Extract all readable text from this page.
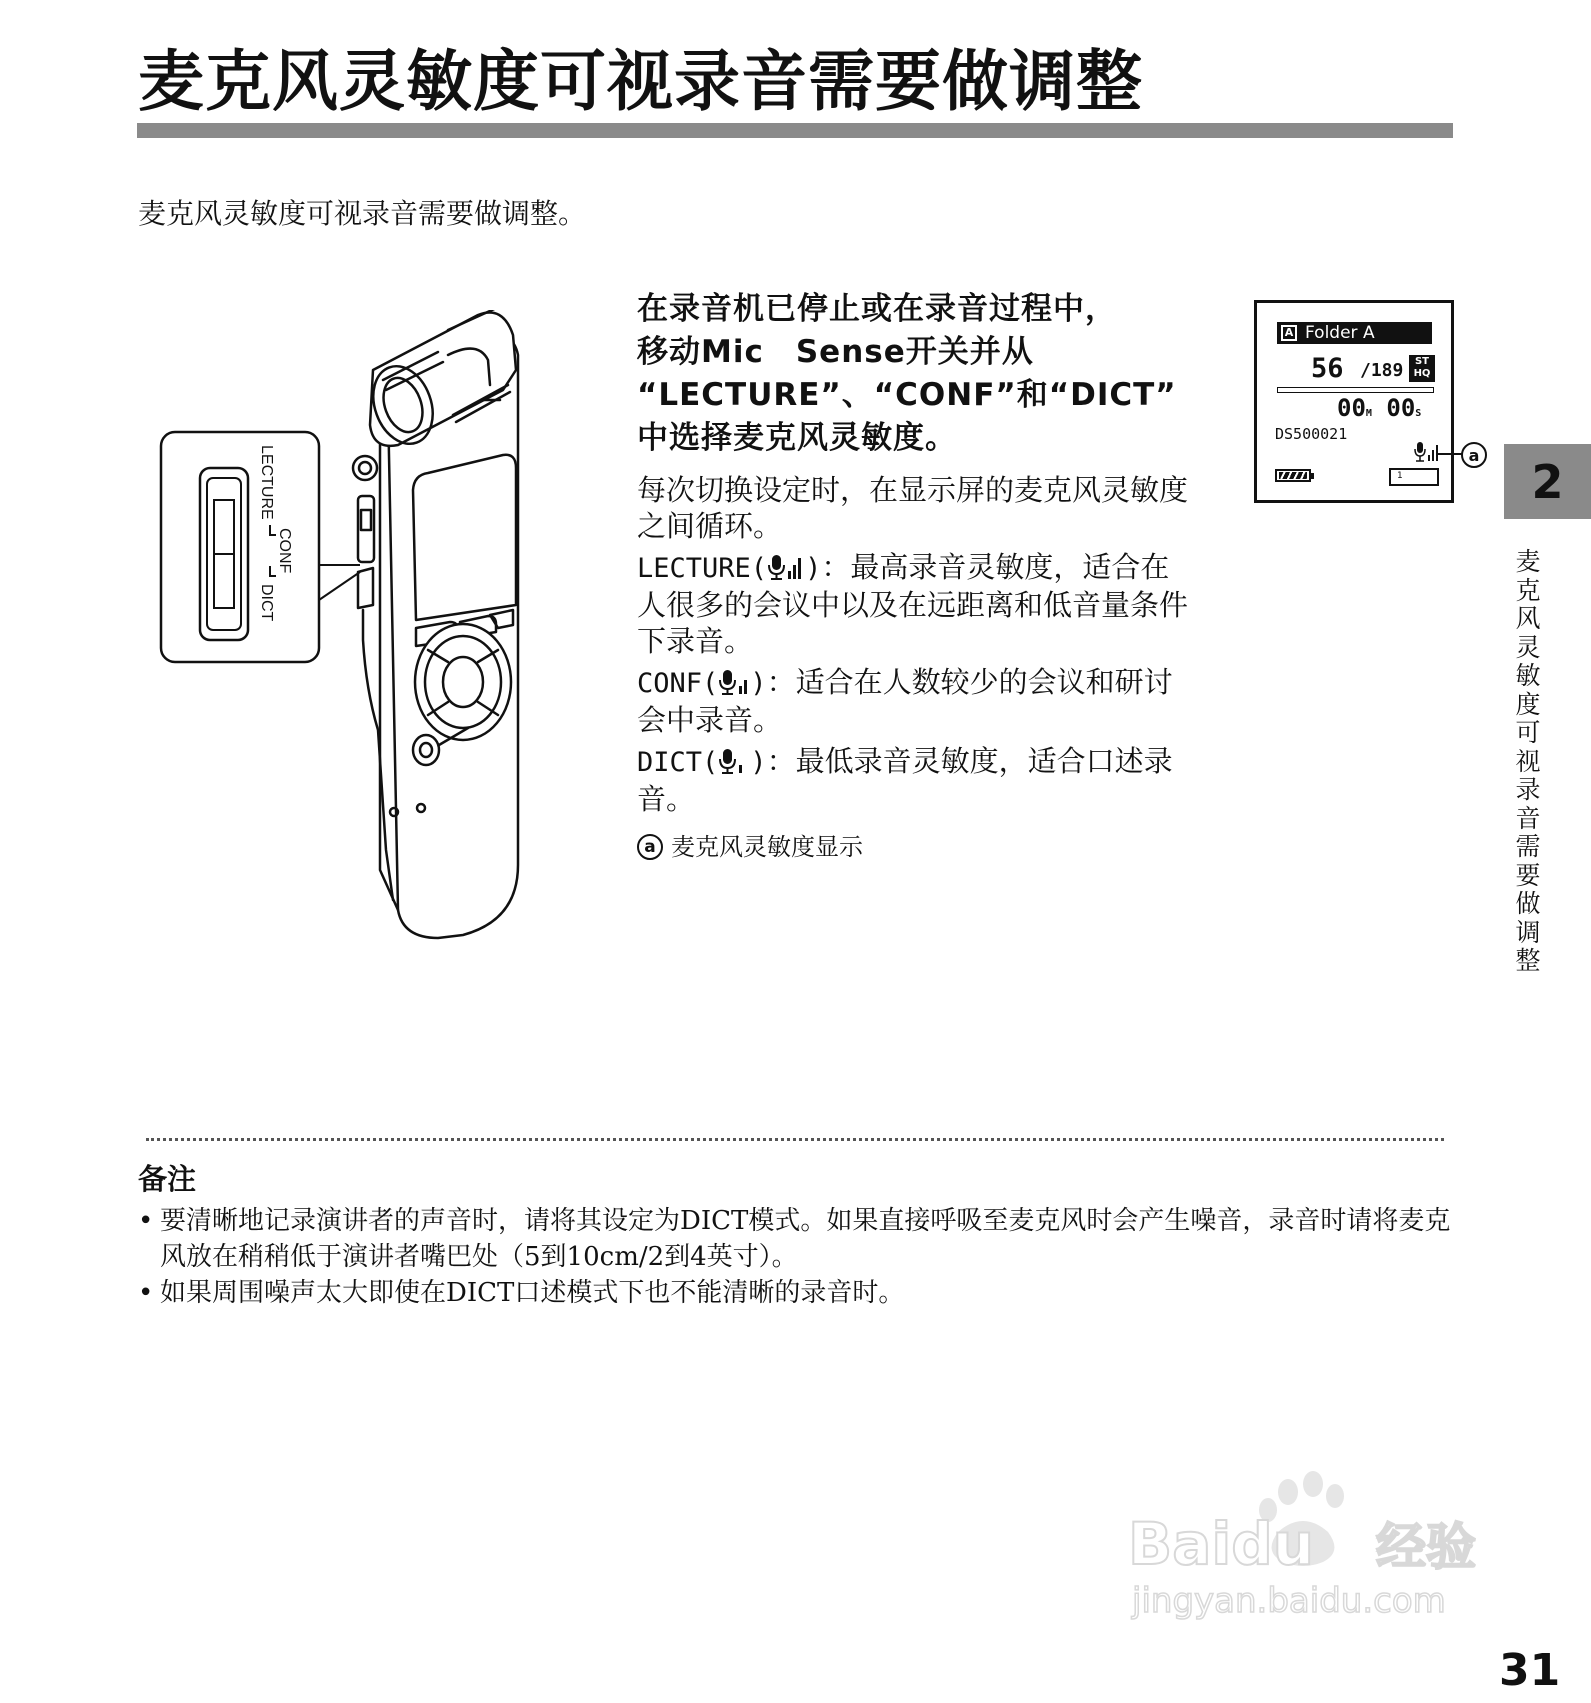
麦克风灵敏度可视录音需要做调整
麦克风灵敏度可视录音需要做调整。
LECTURE
CONF
DICT
在录音机已停止或在录音过程中，
移动Mic　Sense开关并从
“LECTURE”、“CONF”和“DICT”
中选择麦克风灵敏度。
每次切换设定时，在显示屏的麦克风灵敏度之间循环。
LECTURE( )：最高录音灵敏度，适合在人很多的会议中以及在远距离和低音量条件下录音。
CONF( )：适合在人数较少的会议和研讨会中录音。
DICT( )：最低录音灵敏度，适合口述录音。
a 麦克风灵敏度显示
A Folder A
56 /189	ST
HQ
00M 00S
DS500021
1
a	2
麦克风灵敏度可视录音需要做调整
备注
• 要清晰地记录演讲者的声音时，请将其设定为DICT模式。如果直接呼吸至麦克风时会产生噪音，录音时请将麦克风放在稍稍低于演讲者嘴巴处（5到10cm/2到4英寸）。
• 如果周围噪声太大即使在DICT口述模式下也不能清晰的录音时。
Baidu 经验
jingyan.baidu.com
31
